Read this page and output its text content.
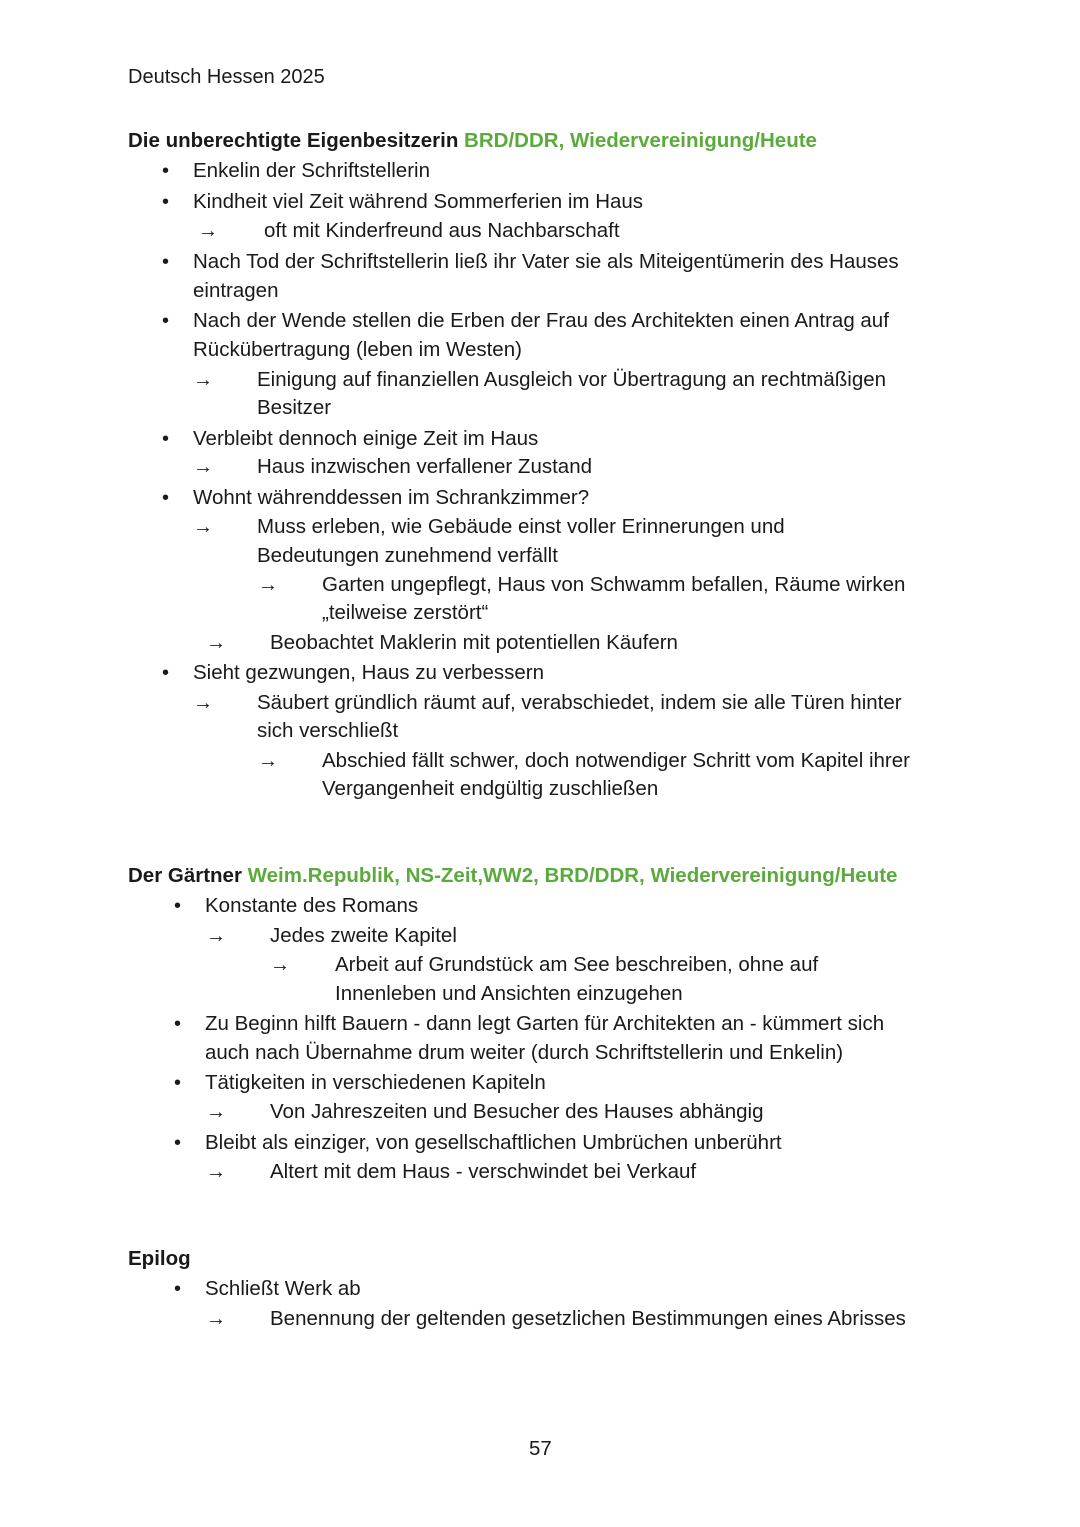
Deutsch Hessen 2025
Die unberechtigte Eigenbesitzerin BRD/DDR, Wiedervereinigung/Heute
Der Gärtner Weim.Republik, NS-Zeit,WW2, BRD/DDR, Wiedervereinigung/Heute
Epilog
• Enkelin der Schriftstellerin
• Kindheit viel Zeit während Sommerferien im Haus
→ oft mit Kinderfreund aus Nachbarschaft
• Nach Tod der Schriftstellerin ließ ihr Vater sie als Miteigentümerin des Hauses
eintragen
• Nach der Wende stellen die Erben der Frau des Architekten einen Antrag auf
Rückübertragung (leben im Westen)
→ Einigung auf finanziellen Ausgleich vor Übertragung an rechtmäßigen
Besitzer
• Verbleibt dennoch einige Zeit im Haus
→ Haus inzwischen verfallener Zustand
• Wohnt währenddessen im Schrankzimmer?
→ Muss erleben, wie Gebäude einst voller Erinnerungen und
Bedeutungen zunehmend verfällt
→ Garten ungepflegt, Haus von Schwamm befallen, Räume wirken
„teilweise zerstört“
→ Beobachtet Maklerin mit potentiellen Käufern
• Sieht gezwungen, Haus zu verbessern
→ Säubert gründlich räumt auf, verabschiedet, indem sie alle Türen hinter
sich verschließt
→ Abschied fällt schwer, doch notwendiger Schritt vom Kapitel ihrer
Vergangenheit endgültig zuschließen
• Konstante des Romans
→ Jedes zweite Kapitel
→ Arbeit auf Grundstück am See beschreiben, ohne auf
Innenleben und Ansichten einzugehen
• Zu Beginn hilft Bauern - dann legt Garten für Architekten an - kümmert sich
auch nach Übernahme drum weiter (durch Schriftstellerin und Enkelin)
• Tätigkeiten in verschiedenen Kapiteln
→ Von Jahreszeiten und Besucher des Hauses abhängig
• Bleibt als einziger, von gesellschaftlichen Umbrüchen unberührt
→ Altert mit dem Haus - verschwindet bei Verkauf
• Schließt Werk ab
→ Benennung der geltenden gesetzlichen Bestimmungen eines Abrisses
57
